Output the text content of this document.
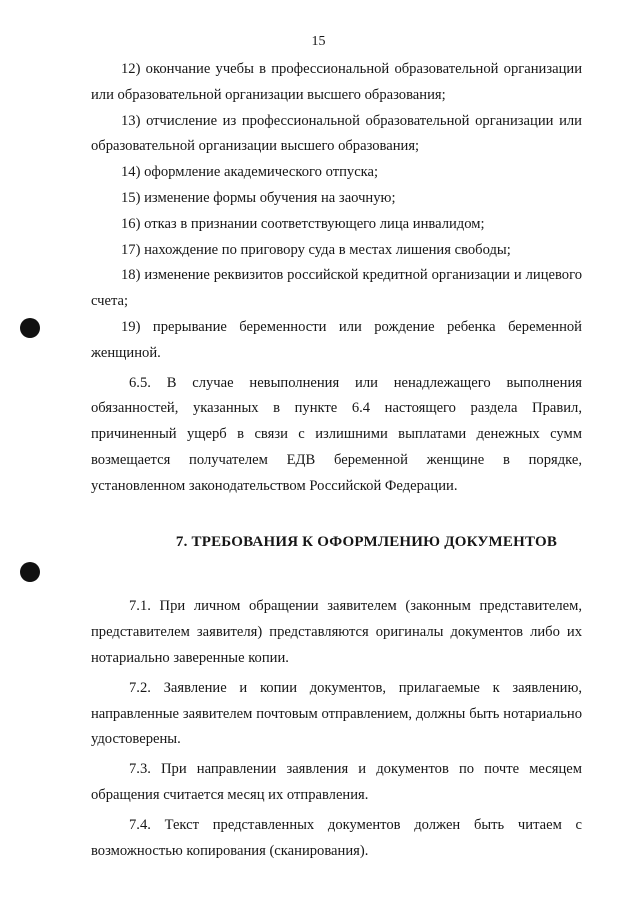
15
12) окончание учебы в профессиональной образовательной организации или образовательной организации высшего образования;
13) отчисление из профессиональной образовательной организации или образовательной организации высшего образования;
14) оформление академического отпуска;
15) изменение формы обучения на заочную;
16) отказ в признании соответствующего лица инвалидом;
17) нахождение по приговору суда в местах лишения свободы;
18) изменение реквизитов российской кредитной организации и лицевого счета;
19) прерывание беременности или рождение ребенка беременной женщиной.
6.5. В случае невыполнения или ненадлежащего выполнения обязанностей, указанных в пункте 6.4 настоящего раздела Правил, причиненный ущерб в связи с излишними выплатами денежных сумм возмещается получателем ЕДВ беременной женщине в порядке, установленном законодательством Российской Федерации.
7. ТРЕБОВАНИЯ К ОФОРМЛЕНИЮ ДОКУМЕНТОВ
7.1. При личном обращении заявителем (законным представителем, представителем заявителя) представляются оригиналы документов либо их нотариально заверенные копии.
7.2. Заявление и копии документов, прилагаемые к заявлению, направленные заявителем почтовым отправлением, должны быть нотариально удостоверены.
7.3. При направлении заявления и документов по почте месяцем обращения считается месяц их отправления.
7.4. Текст представленных документов должен быть читаем с возможностью копирования (сканирования).
